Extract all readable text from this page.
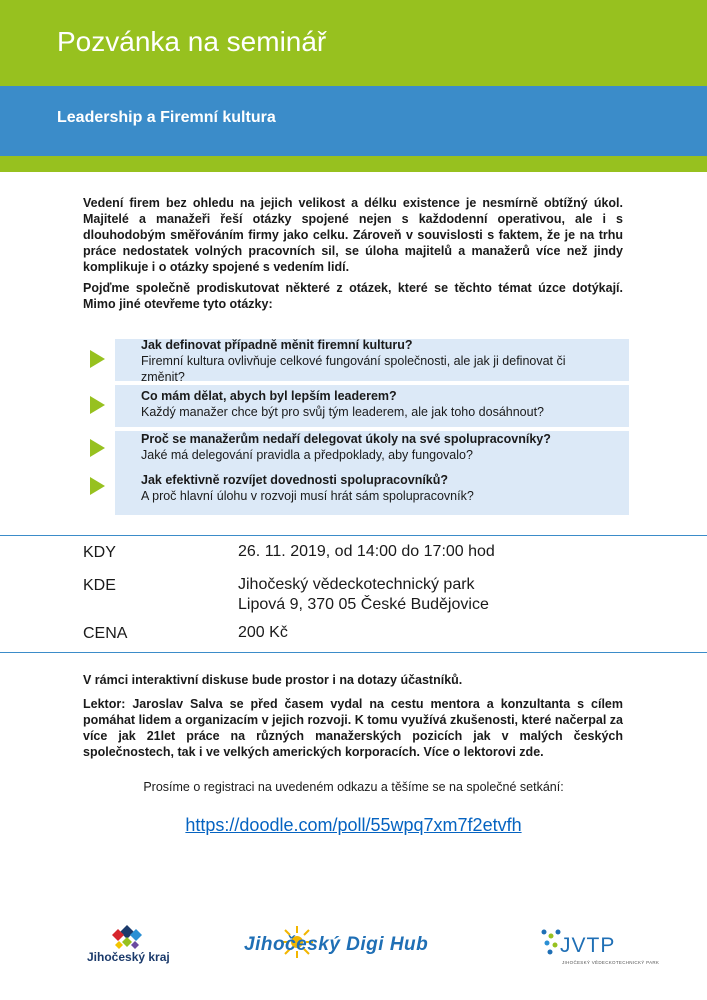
Pozvánka na seminář
Leadership a Firemní kultura

Vedení firem bez ohledu na jejich velikost a délku existence je nesmírně obtížný úkol. Majitelé a manažeři řeší otázky spojené nejen s každodenní operativou, ale i s dlouhodobým směřováním firmy jako celku. Zároveň v souvislosti s faktem, že je na trhu práce nedostatek volných pracovních sil, se úloha majitelů a manažerů více než jindy komplikuje i o otázky spojené s vedením lidí.

Pojďme společně prodiskutovat některé z otázek, které se těchto témat úzce dotýkají. Mimo jiné otevřeme tyto otázky:

Jak definovat případně měnit firemní kulturu?
Firemní kultura ovlivňuje celkové fungování společnosti, ale jak ji definovat či změnit?
Co mám dělat, abych byl lepším leaderem?
Každý manažer chce být pro svůj tým leaderem, ale jak toho dosáhnout?
Proč se manažerům nedaří delegovat úkoly na své spolupracovníky?
Jaké má delegování pravidla a předpoklady, aby fungovalo?
Jak efektivně rozvíjet dovednosti spolupracovníků?
A proč hlavní úlohu v rozvoji musí hrát sám spolupracovník?
KDY	26. 11. 2019, od 14:00 do 17:00 hod
KDE	Jihočeský vědeckotechnický park
Lipová 9, 370 05 České Budějovice
CENA	200 Kč

V rámci interaktivní diskuse bude prostor i na dotazy účastníků.

Lektor: Jaroslav Salva se před časem vydal na cestu mentora a konzultanta s cílem pomáhat lidem a organizacím v jejich rozvoji. K tomu využívá zkušenosti, které načerpal za více jak 21let práce na různých manažerských pozicích jak v malých českých společnostech, tak i ve velkých amerických korporacích. Více o lektorovi zde.

Prosíme o registraci na uvedeném odkazu a těšíme se na společné setkání:
https://doodle.com/poll/55wpq7xm7f2etvfh
Jihočeský kraj
Jihočeský Digi Hub	JVTP
JIHOČESKÝ VĚDECKOTECHNICKÝ PARK
